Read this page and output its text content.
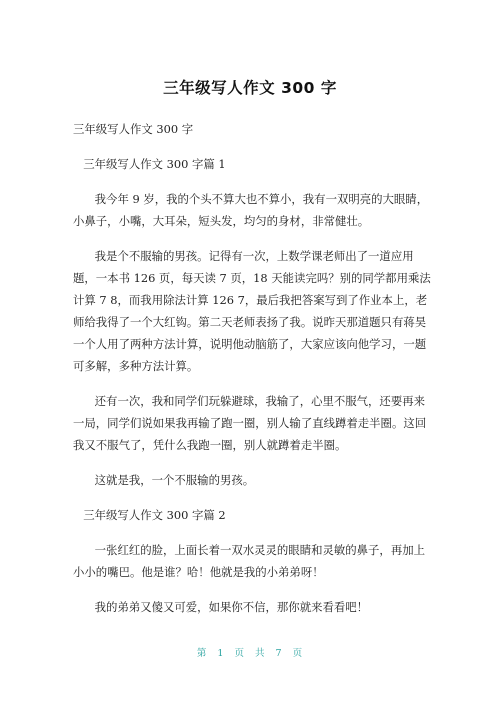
三年级写人作文 300 字

三年级写人作文 300 字

三年级写人作文 300 字篇 1

我今年 9 岁，我的个头不算大也不算小，我有一双明亮的大眼睛，小鼻子，小嘴，大耳朵，短头发，均匀的身材，非常健壮。

我是个不服输的男孩。记得有一次，上数学课老师出了一道应用题，一本书 126 页，每天读 7 页，18 天能读完吗？别的同学都用乘法计算 7 8，而我用除法计算 126 7，最后我把答案写到了作业本上，老师给我得了一个大红钩。第二天老师表扬了我。说昨天那道题只有蒋昊一个人用了两种方法计算，说明他动脑筋了，大家应该向他学习，一题可多解，多种方法计算。

还有一次，我和同学们玩躲避球，我输了，心里不服气，还要再来一局，同学们说如果我再输了跑一圈，别人输了直线蹲着走半圈。这回我又不服气了，凭什么我跑一圈，别人就蹲着走半圈。

这就是我，一个不服输的男孩。

三年级写人作文 300 字篇 2

一张红红的脸，上面长着一双水灵灵的眼睛和灵敏的鼻子，再加上小小的嘴巴。他是谁？哈！他就是我的小弟弟呀！

我的弟弟又傻又可爱，如果你不信，那你就来看看吧！

第 1 页 共 7 页
